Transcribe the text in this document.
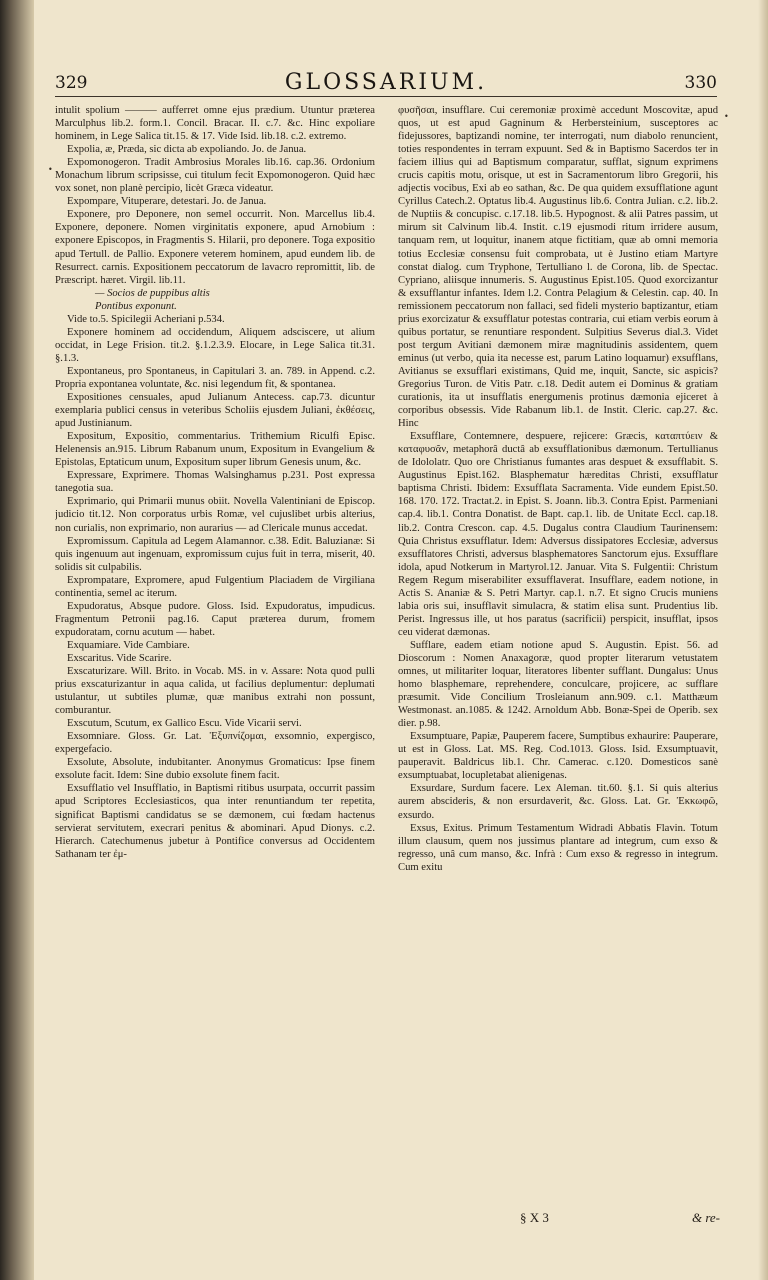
329	GLOSSARIUM.	330
•
•

intulit spolium ——— aufferret omne ejus prædium. Utuntur præterea Marculphus lib.2. form.1. Concil. Bracar. II. c.7. &c. Hinc expoliare hominem, in Lege Salica tit.15. & 17. Vide Isid. lib.18. c.2. extremo.

Expolia, æ, Præda, sic dicta ab expoliando. Jo. de Janua.

Expomonogeron. Tradit Ambrosius Morales lib.16. cap.36. Ordonium Monachum librum scripsisse, cui titulum fecit Expomonogeron. Quid hæc vox sonet, non planè percipio, licèt Græca videatur.

Expompare, Vituperare, detestari. Jo. de Janua.

Exponere, pro Deponere, non semel occurrit. Non. Marcellus lib.4. Exponere, deponere. Nomen virginitatis exponere, apud Arnobium : exponere Episcopos, in Fragmentis S. Hilarii, pro deponere. Toga expositio apud Tertull. de Pallio. Exponere veterem hominem, apud eundem lib. de Resurrect. carnis. Expositionem peccatorum de lavacro repromittit, lib. de Præscript. hæret. Virgil. lib.11.

— Socios de puppibus altis

Pontibus exponunt.

Vide to.5. Spicilegii Acheriani p.534.

Exponere hominem ad occidendum, Aliquem adsciscere, ut alium occidat, in Lege Frision. tit.2. §.1.2.3.9. Elocare, in Lege Salica tit.31. §.1.3.

Expontaneus, pro Spontaneus, in Capitulari 3. an. 789. in Append. c.2. Propria expontanea voluntate, &c. nisi legendum fit, & spontanea.

Expositiones censuales, apud Julianum Antecess. cap.73. dicuntur exemplaria publici census in veteribus Scholiis ejusdem Juliani, ἐκθέσεις, apud Justinianum.

Expositum, Expositio, commentarius. Trithemium Riculfi Episc. Helenensis an.915. Librum Rabanum unum, Expositum in Evangelium & Epistolas, Eptaticum unum, Expositum super librum Genesis unum, &c.

Expressare, Exprimere. Thomas Walsinghamus p.231. Post expressa tanegotia sua.

Exprimario, qui Primarii munus obiit. Novella Valentiniani de Episcop. judicio tit.12. Non corporatus urbis Romæ, vel cujuslibet urbis alterius, non curialis, non exprimario, non aurarius — ad Clericale munus accedat.

Expromissum. Capitula ad Legem Alamannor. c.38. Edit. Baluzianæ: Si quis ingenuum aut ingenuam, expromissum cujus fuit in terra, miserit, 40. solidis sit culpabilis.

Exprompatare, Expromere, apud Fulgentium Placiadem de Virgiliana continentia, semel ac iterum.

Expudoratus, Absque pudore. Gloss. Isid. Expudoratus, impudicus. Fragmentum Petronii pag.16. Caput præterea durum, fromem expudoratam, cornu acutum — habet.

Exquamiare. Vide Cambiare.

Exscaritus. Vide Scarire.

Exscaturizare. Will. Brito. in Vocab. MS. in v. Assare: Nota quod pulli prius exscaturizantur in aqua calida, ut facilius deplumentur: deplumati ustulantur, ut subtiles plumæ, quæ manibus extrahi non possunt, comburantur.

Exscutum, Scutum, ex Gallico Escu. Vide Vicarii servi.

Exsomniare. Gloss. Gr. Lat. Ἐξυπνίζομαι, exsomnio, expergisco, expergefacio.

Exsolute, Absolute, indubitanter. Anonymus Gromaticus: Ipse finem exsolute facit. Idem: Sine dubio exsolute finem facit.

Exsufflatio vel Insufflatio, in Baptismi ritibus usurpata, occurrit passim apud Scriptores Ecclesiasticos, qua inter renuntiandum ter repetita, significat Baptismi candidatus se se dæmonem, cui fœdam hactenus servierat servitutem, execrari penitus & abominari. Apud Dionys. c.2. Hierarch. Catechumenus jubetur à Pontifice conversus ad Occidentem Sathanam ter ἐμ-

φυσῆσαι, insufflare. Cui ceremoniæ proximè accedunt Moscovitæ, apud quos, ut est apud Gagninum & Herbersteinium, susceptores ac fidejussores, baptizandi nomine, ter interrogati, num diabolo renuncient, toties respondentes in terram expuunt. Sed & in Baptismo Sacerdos ter in faciem illius qui ad Baptismum comparatur, sufflat, signum exprimens crucis capitis motu, orisque, ut est in Sacramentorum libro Gregorii, his adjectis vocibus, Exi ab eo sathan, &c. De qua quidem exsufflatione agunt Cyrillus Catech.2. Optatus lib.4. Augustinus lib.6. Contra Julian. c.2. lib.2. de Nuptiis & concupisc. c.17.18. lib.5. Hypognost. & alii Patres passim, ut mirum sit Calvinum lib.4. Instit. c.19 ejusmodi ritum irridere ausum, tanquam rem, ut loquitur, inanem atque fictitiam, quæ ab omni memoria totius Ecclesiæ consensu fuit comprobata, ut è Justino etiam Martyre constat dialog. cum Tryphone, Tertulliano l. de Corona, lib. de Spectac. Cypriano, aliisque innumeris. S. Augustinus Epist.105. Quod exorcizantur & exsufflantur infantes. Idem l.2. Contra Pelagium & Celestin. cap. 40. In remissionem peccatorum non fallaci, sed fideli mysterio baptizantur, etiam prius exorcizatur & exsufflatur potestas contraria, cui etiam verbis eorum à quibus portatur, se renuntiare respondent. Sulpitius Severus dial.3. Videt post tergum Avitiani dæmonem miræ magnitudinis assidentem, quem eminus (ut verbo, quia ita necesse est, parum Latino loquamur) exsufflans, Avitianus se exsufflari existimans, Quid me, inquit, Sancte, sic aspicis? Gregorius Turon. de Vitis Patr. c.18. Dedit autem ei Dominus & gratiam curationis, ita ut insufflatis energumenis protinus dæmonia ejiceret à corporibus obsessis. Vide Rabanum lib.1. de Instit. Cleric. cap.27. &c. Hinc

Exsufflare, Contemnere, despuere, rejicere: Græcis, καταπτύειν & καταφυσᾶν, metaphorâ ductâ ab exsufflationibus dæmonum. Tertullianus de Idololatr. Quo ore Christianus fumantes aras despuet & exsufflabit. S. Augustinus Epist.162. Blasphematur hæreditas Christi, exsufflatur baptisma Christi. Ibidem: Exsufflata Sacramenta. Vide eundem Epist.50. 168. 170. 172. Tractat.2. in Epist. S. Joann. lib.3. Contra Epist. Parmeniani cap.4. lib.1. Contra Donatist. de Bapt. cap.1. lib. de Unitate Eccl. cap.18. lib.2. Contra Crescon. cap. 4.5. Dugalus contra Claudium Taurinensem: Quia Christus exsufflatur. Idem: Adversus dissipatores Ecclesiæ, adversus exsufflatores Christi, adversus blasphematores Sanctorum ejus. Exsufflare idola, apud Notkerum in Martyrol.12. Januar. Vita S. Fulgentii: Christum Regem Regum miserabiliter exsufflaverat. Insufflare, eadem notione, in Actis S. Ananiæ & S. Petri Martyr. cap.1. n.7. Et signo Crucis muniens labia oris sui, insufflavit simulacra, & statim elisa sunt. Prudentius lib. Perist. Ingressus ille, ut hos paratus (sacrificii) perspicit, insufflat, ipsos ceu viderat dæmonas.

Sufflare, eadem etiam notione apud S. Augustin. Epist. 56. ad Dioscorum : Nomen Anaxagoræ, quod propter literarum vetustatem omnes, ut militariter loquar, literatores libenter sufflant. Dungalus: Unus homo blasphemare, reprehendere, conculcare, projicere, ac sufflare præsumit. Vide Concilium Trosleianum ann.909. c.1. Matthæum Westmonast. an.1085. & 1242. Arnoldum Abb. Bonæ-Spei de Operib. sex dier. p.98.

Exsumptuare, Papiæ, Pauperem facere, Sumptibus exhaurire: Pauperare, ut est in Gloss. Lat. MS. Reg. Cod.1013. Gloss. Isid. Exsumptuavit, pauperavit. Baldricus lib.1. Chr. Camerac. c.120. Domesticos sanè exsumptuabat, locupletabat alienigenas.

Exsurdare, Surdum facere. Lex Aleman. tit.60. §.1. Si quis alterius aurem abscideris, & non ersurdaverit, &c. Gloss. Lat. Gr. Ἐκκωφῶ, exsurdo.

Exsus, Exitus. Primum Testamentum Widradi Abbatis Flavin. Totum illum clausum, quem nos jussimus plantare ad integrum, cum exso & regresso, unâ cum manso, &c. Infrà : Cum exso & regresso in integrum. Cum exitu

§ X 3	& re-
